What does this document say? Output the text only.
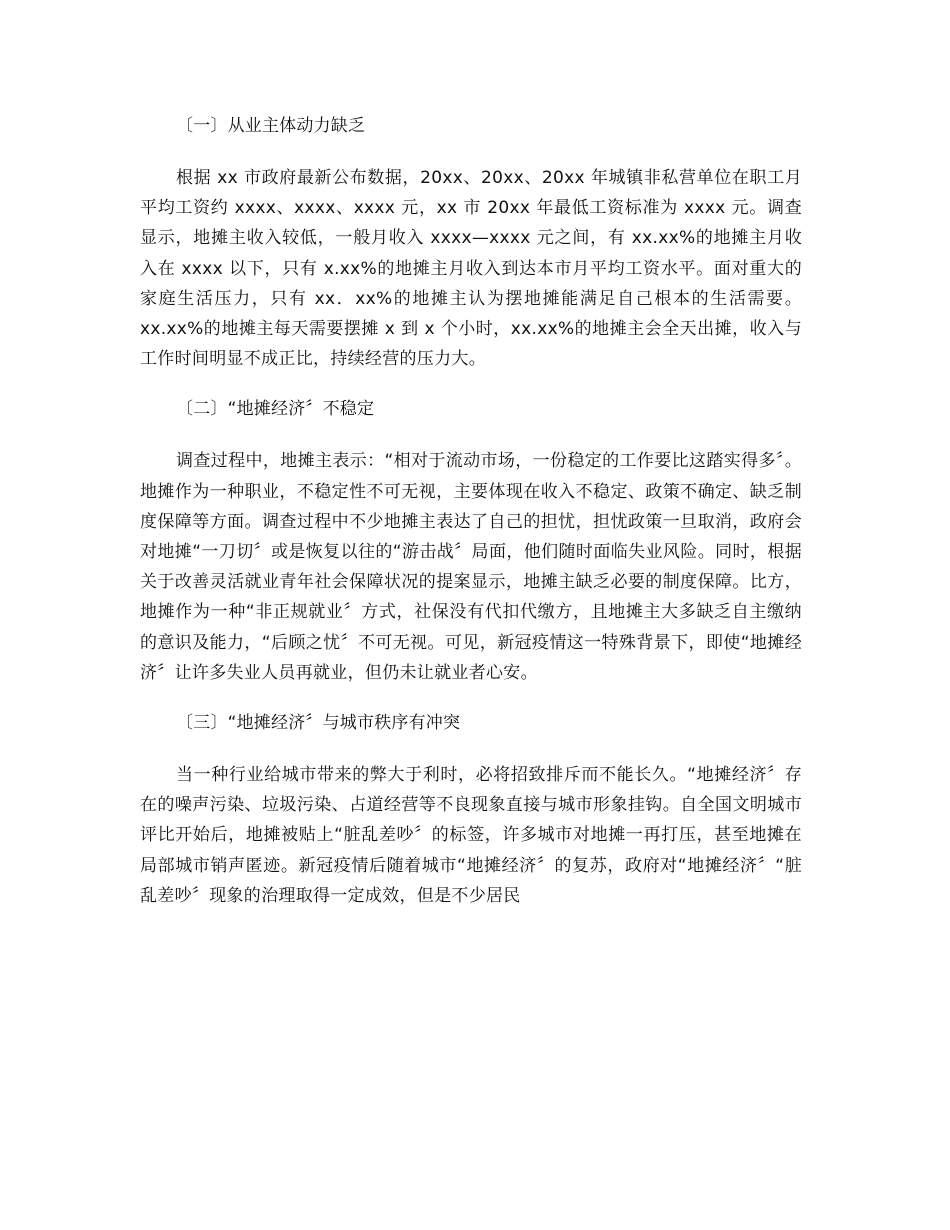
〔一〕从业主体动力缺乏

根据 xx 市政府最新公布数据，20xx、20xx、20xx 年城镇非私营单位在职工月平均工资约 xxxx、xxxx、xxxx 元，xx 市 20xx 年最低工资标准为 xxxx 元。调查显示，地摊主收入较低，一般月收入 xxxx—xxxx 元之间，有 xx.xx%的地摊主月收入在 xxxx 以下，只有 x.xx%的地摊主月收入到达本市月平均工资水平。面对重大的家庭生活压力，只有 xx．xx%的地摊主认为摆地摊能满足自己根本的生活需要。xx.xx%的地摊主每天需要摆摊 x 到 x 个小时，xx.xx%的地摊主会全天出摊，收入与工作时间明显不成正比，持续经营的压力大。

〔二〕“地摊经济〞不稳定

调查过程中，地摊主表示：“相对于流动市场，一份稳定的工作要比这踏实得多〞。地摊作为一种职业，不稳定性不可无视，主要体现在收入不稳定、政策不确定、缺乏制度保障等方面。调查过程中不少地摊主表达了自己的担忧，担忧政策一旦取消，政府会对地摊“一刀切〞或是恢复以往的“游击战〞局面，他们随时面临失业风险。同时，根据关于改善灵活就业青年社会保障状况的提案显示，地摊主缺乏必要的制度保障。比方，地摊作为一种“非正规就业〞方式，社保没有代扣代缴方，且地摊主大多缺乏自主缴纳的意识及能力，“后顾之忧〞不可无视。可见，新冠疫情这一特殊背景下，即使“地摊经济〞让许多失业人员再就业，但仍未让就业者心安。

〔三〕“地摊经济〞与城市秩序有冲突

当一种行业给城市带来的弊大于利时，必将招致排斥而不能长久。“地摊经济〞存在的噪声污染、垃圾污染、占道经营等不良现象直接与城市形象挂钩。自全国文明城市评比开始后，地摊被贴上“脏乱差吵〞的标签，许多城市对地摊一再打压，甚至地摊在局部城市销声匿迹。新冠疫情后随着城市“地摊经济〞的复苏，政府对“地摊经济〞“脏乱差吵〞现象的治理取得一定成效，但是不少居民
